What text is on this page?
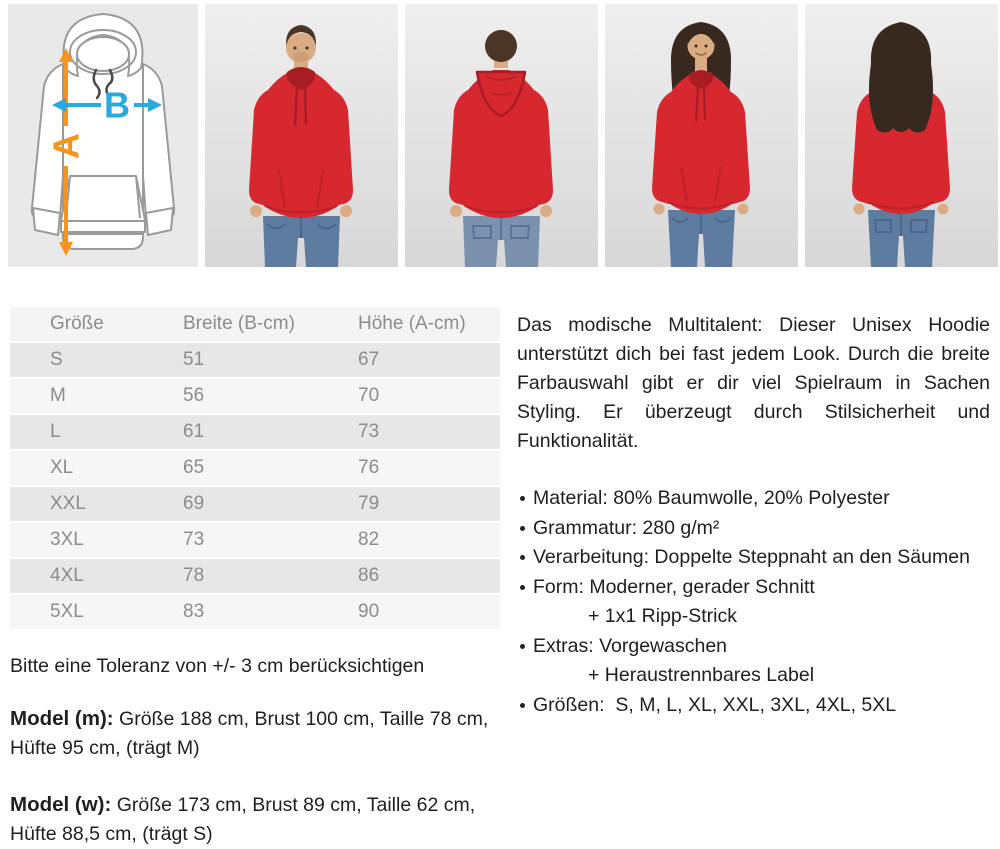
A
B
Größe	Breite (B-cm)	Höhe (A-cm)
S	51	67
M	56	70
L	61	73
XL	65	76
XXL	69	79
3XL	73	82
4XL	78	86
5XL	83	90
Bitte eine Toleranz von +/- 3 cm berücksichtigen
Model (m): Größe 188 cm, Brust 100 cm, Taille 78 cm, Hüfte 95 cm, (trägt M)
Model (w): Größe 173 cm, Brust 89 cm, Taille 62 cm, Hüfte 88,5 cm, (trägt S)

Das modische Multitalent: Dieser Unisex Hoodie unterstützt dich bei fast jedem Look. Durch die breite Farbauswahl gibt er dir viel Spielraum in Sachen Styling. Er überzeugt durch Stilsicherheit und Funktionalität.

Material: 80% Baumwolle, 20% Polyester
Grammatur: 280 g/m²
Verarbeitung: Doppelte Steppnaht an den Säumen
Form: Moderner, gerader Schnitt
+ 1x1 Ripp-Strick
Extras: Vorgewaschen
+ Heraustrennbares Label
Größen:  S, M, L, XL, XXL, 3XL, 4XL, 5XL
